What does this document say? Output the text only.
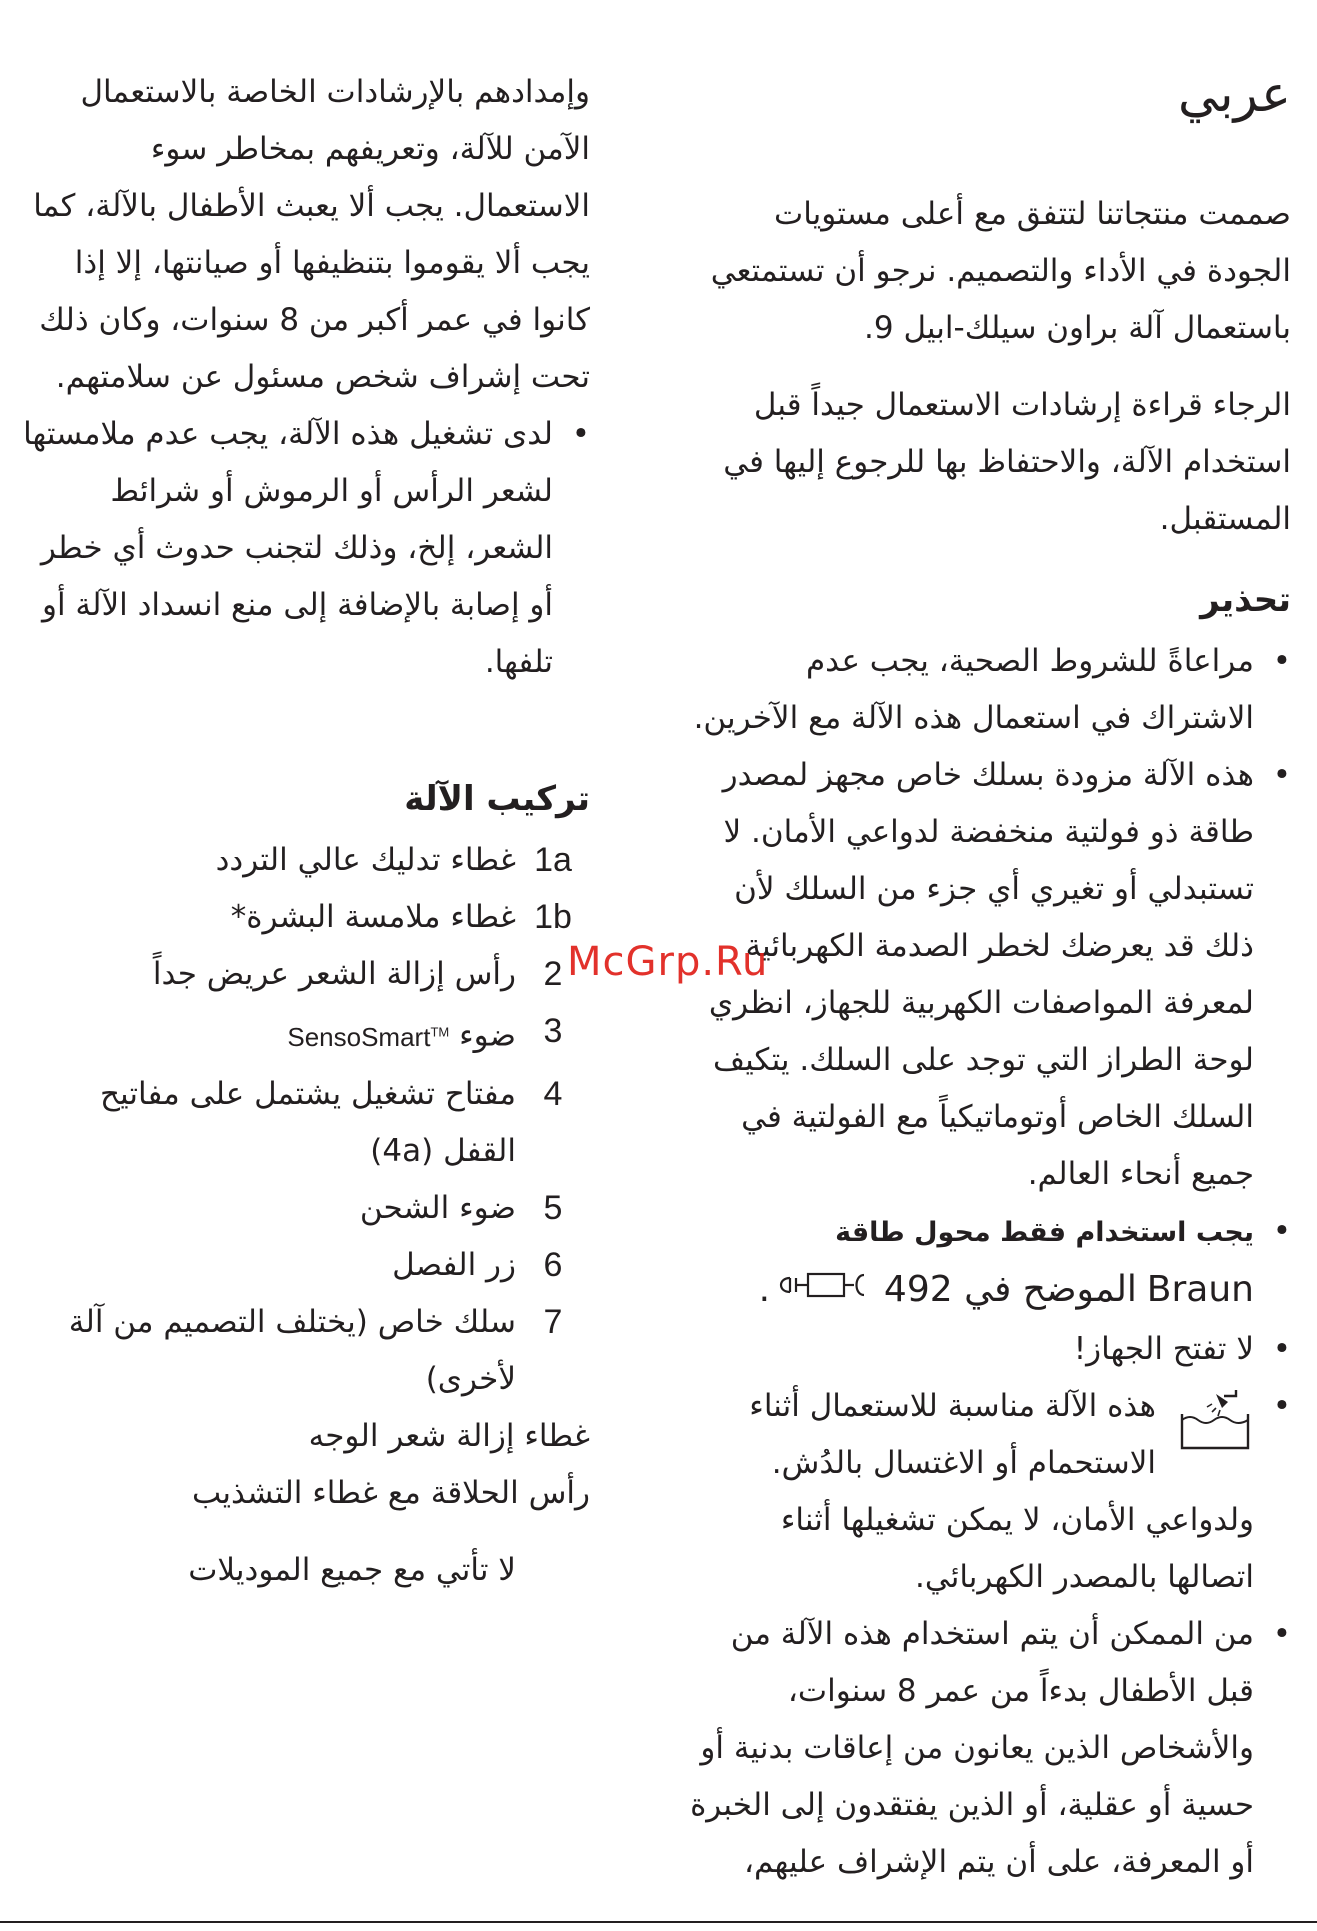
عربي

صممت منتجاتنا لتتفق مع أعلى مستويات الجودة في الأداء والتصميم. نرجو أن تستمتعي باستعمال آلة براون سيلك-ابيل 9.

الرجاء قراءة إرشادات الاستعمال جيداً قبل استخدام الآلة، والاحتفاظ بها للرجوع إليها في المستقبل.

تحذير
• مراعاةً للشروط الصحية، يجب عدم الاشتراك في استعمال هذه الآلة مع الآخرين.
• هذه الآلة مزودة بسلك خاص مجهز لمصدر طاقة ذو فولتية منخفضة لدواعي الأمان. لا تستبدلي أو تغيري أي جزء من السلك لأن ذلك قد يعرضك لخطر الصدمة الكهربائية لمعرفة المواصفات الكهربية للجهاز، انظري لوحة الطراز التي توجد على السلك. يتكيف السلك الخاص أوتوماتيكياً مع الفولتية في جميع أنحاء العالم.
• يجب استخدام فقط محول طاقة
Braun الموضح في 492 .
• لا تفتح الجهاز!
• هذه الآلة مناسبة للاستعمال أثناء الاستحمام أو الاغتسال بالدُش. ولدواعي الأمان، لا يمكن تشغيلها أثناء اتصالها بالمصدر الكهربائي.
• من الممكن أن يتم استخدام هذه الآلة من قبل الأطفال بدءاً من عمر 8 سنوات، والأشخاص الذين يعانون من إعاقات بدنية أو حسية أو عقلية، أو الذين يفتقدون إلى الخبرة أو المعرفة، على أن يتم الإشراف عليهم،

وإمدادهم بالإرشادات الخاصة بالاستعمال الآمن للآلة، وتعريفهم بمخاطر سوء الاستعمال. يجب ألا يعبث الأطفال بالآلة، كما يجب ألا يقوموا بتنظيفها أو صيانتها، إلا إذا كانوا في عمر أكبر من 8 سنوات، وكان ذلك تحت إشراف شخص مسئول عن سلامتهم.

• لدى تشغيل هذه الآلة، يجب عدم ملامستها لشعر الرأس أو الرموش أو شرائط الشعر، إلخ، وذلك لتجنب حدوث أي خطر أو إصابة بالإضافة إلى منع انسداد الآلة أو تلفها.
تركيب الآلة
1a
غطاء تدليك عالي التردد
1b
غطاء ملامسة البشرة*
2
رأس إزالة الشعر عريض جداً
3
ضوء SensoSmart™
4
مفتاح تشغيل يشتمل على مفاتيح القفل (4a)
5
ضوء الشحن
6
زر الفصل
7
سلك خاص (يختلف التصميم من آلة لأخرى)
غطاء إزالة شعر الوجه
رأس الحلاقة مع غطاء التشذيب
لا تأتي مع جميع الموديلات
McGrp.Ru
